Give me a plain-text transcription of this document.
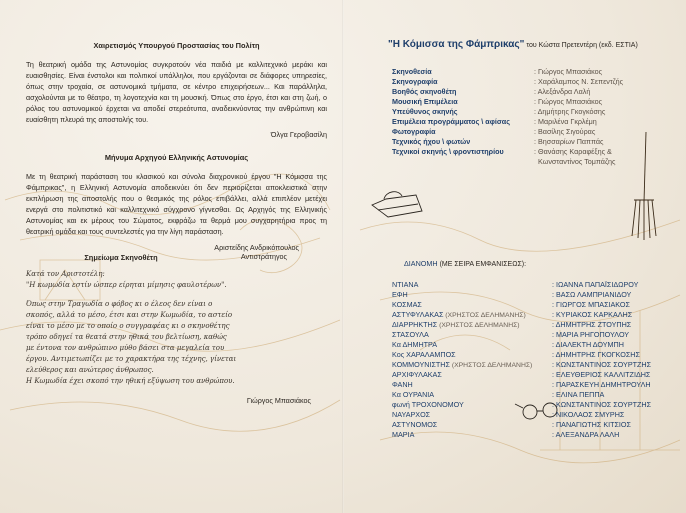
Χαιρετισμός Υπουργού Προστασίας του Πολίτη

Τη θεατρική ομάδα της Αστυνομίας συγκροτούν νέα παιδιά με καλλιτεχνικό μεράκι και ευαισθησίες. Είναι ένστολοι και πολιτικοί υπάλληλοι, που εργάζονται σε διάφορες υπηρεσίες, όπως στην τροχαία, σε αστυνομικά τμήματα, σε κέντρο επιχειρήσεων... Και παράλληλα, ασχολούνται με το θέατρο, τη λογοτεχνία και τη μουσική. Όπως στο έργο, έτσι και στη ζωή, ο ρόλος του αστυνομικού έρχεται να αποδεί στερεότυπα, αναδεικνύοντας την ανθρώπινη και ευαίσθητη πλευρά της αποστολής του.

Όλγα Γεροβασίλη

Μήνυμα Αρχηγού Ελληνικής Αστυνομίας

Με τη θεατρική παράσταση του κλασικού και σύνολα διαχρονικού έργου "Η Κόμισσα της Φάμπρικας", η Ελληνική Αστυνομία αποδεικνύει ότι δεν περιορίζεται αποκλειστικά στην εκπλήρωση της αποστολής που ο θεσμικός της ρόλος επιβάλλει, αλλά επιπλέον μετέχει ενεργά στο πολιτιστικό και καλλιτεχνικό σύγχρονο γίγνεσθαι. Ως Αρχηγός της Ελληνικής Αστυνομίας και εκ μέρους του Σώματος, εκφράζω τα θερμά μου συγχαρητήρια προς τη θεατρική ομάδα και τους συντελεστές για την λίγη παράσταση.

Αριστείδης Ανδρικόπουλος

Αντιστράτηγος

Σημείωμα Σκηνοθέτη

Κατά τον Αριστοτέλη:

"Η κωμωδία εστίν ώσπερ είρηται μίμησις φαυλοτέρων".

Όπως στην Τραγωδία ο φόβος κι ο έλεος δεν είναι ο

σκοπός, αλλά το μέσο, έτσι και στην Κωμωδία, το αστείο

είναι το μέσο με το οποίο ο συγγραφέας κι ο σκηνοθέτης

τρόπο οδηγεί τα θεατά στην ηθικά του βελτίωση, καθώς

με έντονα τον ανθρώπινο μύθο βάσει στα μεγαλεία του

έργου. Αντιμετωπίζει με το χαρακτήρα της τέχνης, γίνεται

ελεύθερος και ανώτερος άνθρωπος.

Η Κωμωδία έχει σκοπό την ηθική εξύψωση του ανθρώπου.

Γιώργος Μπασιάκος

"Η Κόμισσα της Φάμπρικας" του Κώστα Πρετεντέρη (εκδ. ΕΣΤΙΑ)

Σκηνοθεσία	: Γιώργος Μπασιάκος
Σκηνογραφία	: Χαράλαμπος Ν. Σεπεντζής
Βοηθός σκηνοθέτη	: Αλεξάνδρα Λαλή
Μουσική Επιμέλεια	: Γιώργος Μπασιάκος
Υπεύθυνος σκηνής	: Δημήτρης Γκογκόσης
Επιμέλεια προγράμματος \ αφίσας	: Μαριλένα Γκρλέμη
Φωτογραφία	: Βασίλης Σιγούρας
Τεχνικός ήχου \ φωτών	: Βησσαρίων Παππάς
Τεχνικοί σκηνής \ φροντιστηρίου	: Θανάσης Καραφέξης &
Κωνσταντίνος Τομπάζης

ΔΙΑΝΟΜΗ (ΜΕ ΣΕΙΡΑ ΕΜΦΑΝΙΣΕΩΣ):

ΝΤΙΑΝΑ	: ΙΩΑΝΝΑ ΠΑΠΑΪΣΙΔΩΡΟΥ
ΕΦΗ	: ΒΑΣΩ ΛΑΜΠΡΙΑΝΙΔΟΥ
ΚΟΣΜΑΣ	: ΓΙΩΡΓΟΣ ΜΠΑΣΙΑΚΟΣ
ΑΣΤΥΦΥΛΑΚΑΣ (ΧΡΗΣΤΟΣ ΔΕΛΗΜΑΝΗΣ)	: ΚΥΡΙΑΚΟΣ ΚΑΡΚΑΛΗΣ
ΔΙΑΡΡΗΚΤΗΣ (ΧΡΗΣΤΟΣ ΔΕΛΗΜΑΝΗΣ)	: ΔΗΜΗΤΡΗΣ ΖΤΟΥΠΗΣ
ΣΤΑΣΟΥΛΑ	: ΜΑΡΙΑ ΡΗΓΟΠΟΥΛΟΥ
Κα ΔΗΜΗΤΡΑ	: ΔΙΑΛΕΚΤΗ ΔΟΥΜΠΗ
Κος ΧΑΡΑΛΑΜΠΟΣ	: ΔΗΜΗΤΡΗΣ ΓΚΟΓΚΟΣΗΣ
ΚΟΜΜΟΥΝΙΣΤΗΣ (ΧΡΗΣΤΟΣ ΔΕΛΗΜΑΝΗΣ)	: ΚΩΝΣΤΑΝΤΙΝΟΣ ΣΟΥΡΤΖΗΣ
ΑΡΧΙΦΥΛΑΚΑΣ	: ΕΛΕΥΘΕΡΙΟΣ ΚΑΛΛΙΤΖΙΔΗΣ
ΦΑΝΗ	: ΠΑΡΑΣΚΕΥΗ ΔΗΜΗΤΡΟΥΛΗ
Κα ΟΥΡΑΝΙΑ	: ΕΛΙΝΑ ΠΕΠΠΑ
φωνή ΤΡΟΧΟΝΟΜΟΥ	: ΚΩΝΣΤΑΝΤΙΝΟΣ ΣΟΥΡΤΖΗΣ
ΝΑΥΑΡΧΟΣ	: ΝΙΚΟΛΑΟΣ ΣΜΥΡΗΣ
ΑΣΤΥΝΟΜΟΣ	: ΠΑΝΑΓΙΩΤΗΣ ΚΙΤΣΙΟΣ
ΜΑΡΙΑ	: ΑΛΕΞΑΝΔΡΑ ΛΑΛΗ
